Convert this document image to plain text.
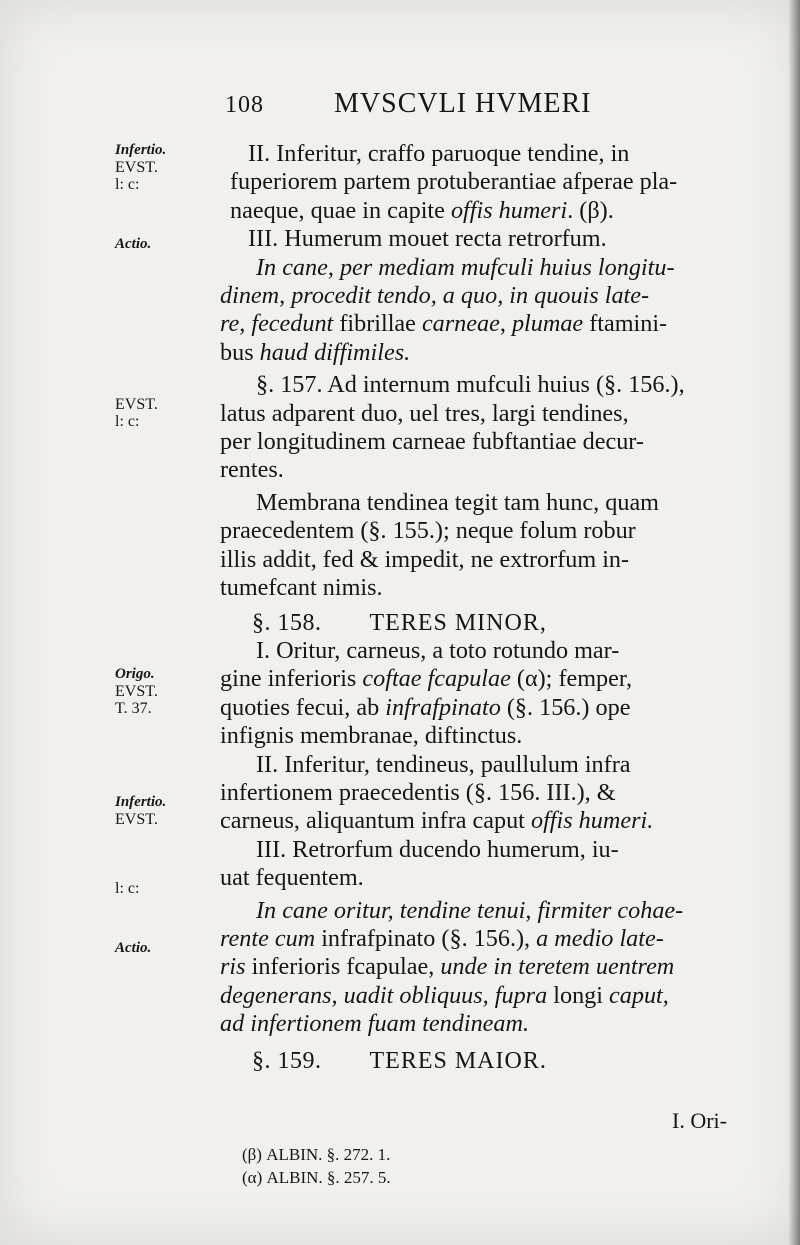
108	MVSCVLI HVMERI
Infertio.
EVST.
l: c:
Actio.
EVST.
l: c:
Origo.
EVST.
T. 37.
Infertio.
EVST.
l: c:
Actio.
II. Inferitur, craffo paruoque tendine, in
fuperiorem partem protuberantiae afperae pla-
naeque, quae in capite offis humeri. (β).
III. Humerum mouet recta retrorfum.
In cane, per mediam mufculi huius longitu-
dinem, procedit tendo, a quo, in quouis late-
re, fecedunt fibrillae carneae, plumae ftamini-
bus haud diffimiles.
§. 157. Ad internum mufculi huius (§. 156.),
latus adparent duo, uel tres, largi tendines,
per longitudinem carneae fubftantiae decur-
rentes.
Membrana tendinea tegit tam hunc, quam
praecedentem (§. 155.); neque folum robur
illis addit, fed & impedit, ne extrorfum in-
tumefcant nimis.
§. 158. TERES MINOR,
I. Oritur, carneus, a toto rotundo mar-
gine inferioris coftae fcapulae (α); femper,
quoties fecui, ab infrafpinato (§. 156.) ope
infignis membranae, diftinctus.
II. Inferitur, tendineus, paullulum infra
infertionem praecedentis (§. 156. III.), &
carneus, aliquantum infra caput offis humeri.
III. Retrorfum ducendo humerum, iu-
uat fequentem.
In cane oritur, tendine tenui, firmiter cohae-
rente cum infrafpinato (§. 156.), a medio late-
ris inferioris fcapulae, unde in teretem uentrem
degenerans, uadit obliquus, fupra longi caput,
ad infertionem fuam tendineam.
§. 159. TERES MAIOR.
I. Ori-
(β) ALBIN. §. 272. 1.
(α) ALBIN. §. 257. 5.
